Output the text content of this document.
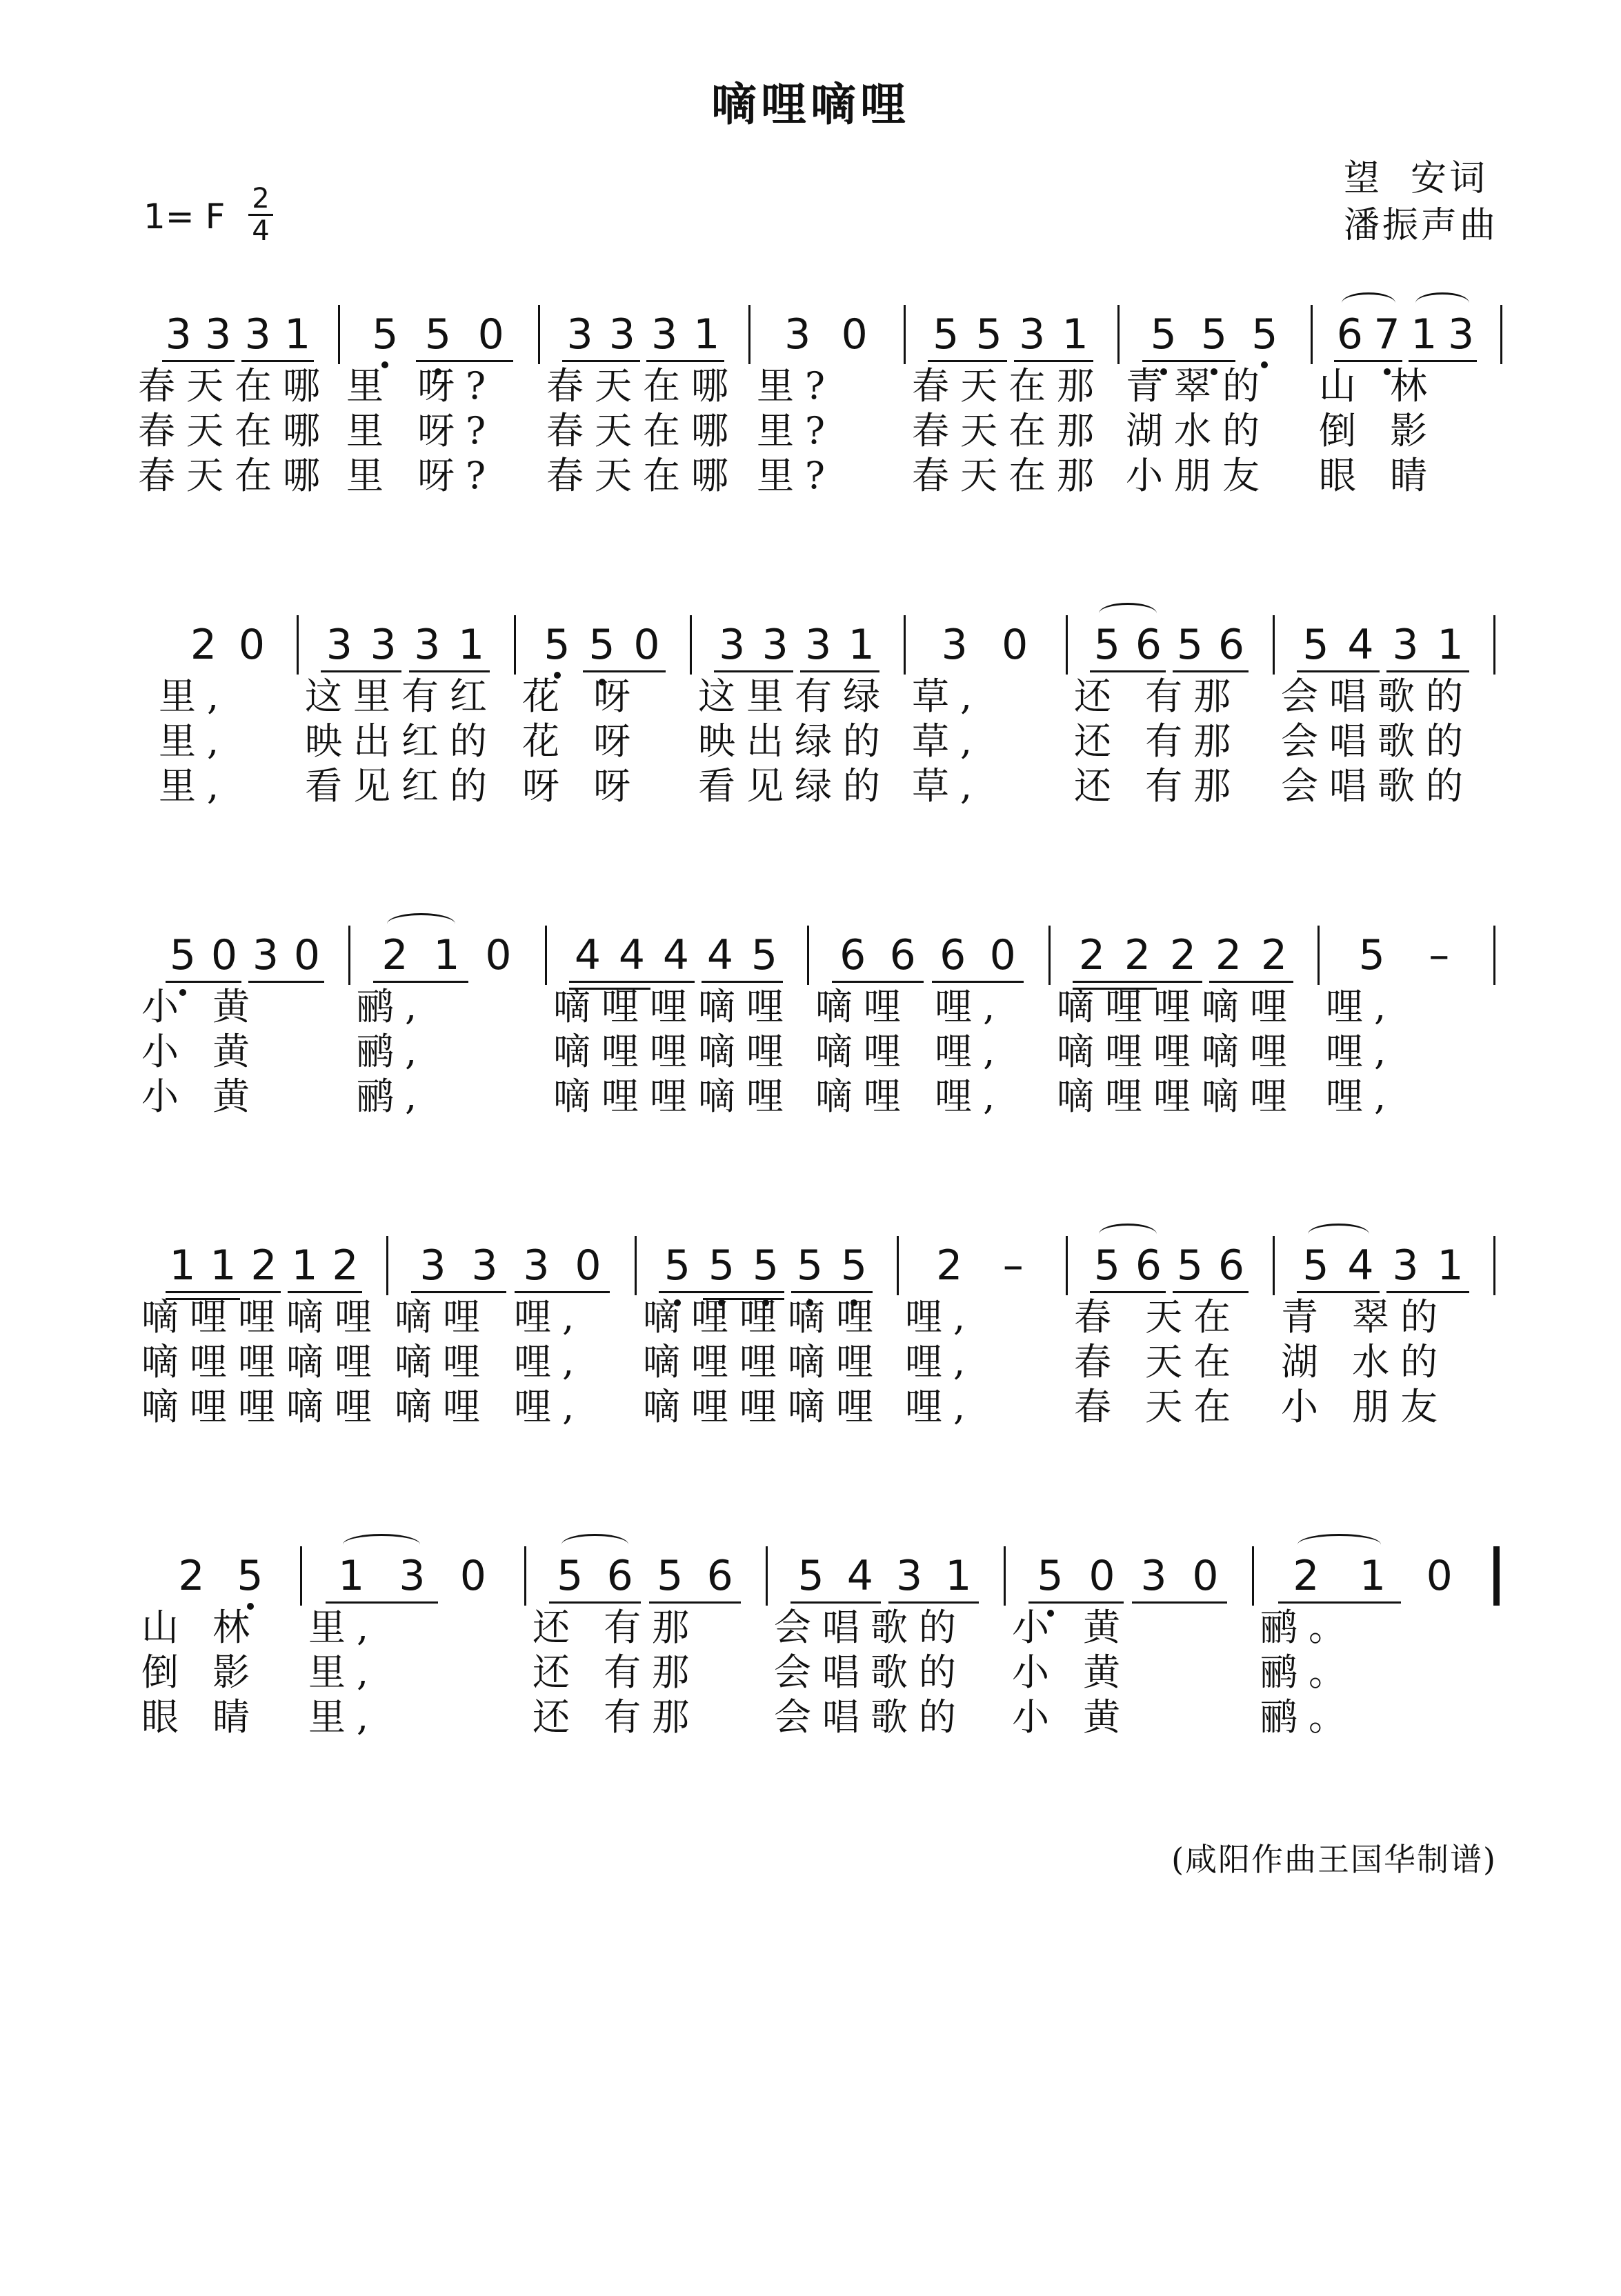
嘀哩嘀哩
1= F 2
4
望  安词
潘振声曲
3 3 3 1 5 5 0 3 3 3 1 3 0 5 5 3 1 5 5 5 6 7 1 3
春天在哪 里 呀? 春天在哪 里? 春天在那 青翠的 山 林
春天在哪 里 呀? 春天在哪 里? 春天在那 湖水的 倒 影
春天在哪 里 呀? 春天在哪 里? 春天在那 小朋友 眼 睛
2 0 3 3 3 1 5 5 0 3 3 3 1 3 0 5 6 5 6 5 4 3 1
里, 这里有红 花 呀 这里有绿 草, 还 有那 会唱歌的
里, 映出红的 花 呀 映出绿的 草, 还 有那 会唱歌的
里, 看见红的 呀 呀 看见绿的 草, 还 有那 会唱歌的
5 0 3 0 2 1 0 4 4 4 4 5 6 6 6 0 2 2 2 2 2 5 –
小 黄	鹂,	嘀哩哩嘀哩 嘀哩 哩, 嘀哩哩嘀哩 哩,
小 黄	鹂,	嘀哩哩嘀哩 嘀哩 哩, 嘀哩哩嘀哩 哩,
小 黄	鹂,	嘀哩哩嘀哩 嘀哩 哩, 嘀哩哩嘀哩 哩,
1 1 2 1 2 3 3 3 0 5 5 5 5 5 2 – 5 6 5 6 5 4 3 1
嘀哩哩嘀哩 嘀哩 哩, 嘀哩哩嘀哩 哩,	春 天在 青 翠的
嘀哩哩嘀哩 嘀哩 哩, 嘀哩哩嘀哩 哩,	春 天在 湖 水的
嘀哩哩嘀哩 嘀哩 哩, 嘀哩哩嘀哩 哩,	春 天在 小 朋友
2 5 1 3 0 5 6 5 6 5 4 3 1 5 0 3 0 2 1 0
山 林 里,	还 有那 会唱歌的 小 黄	鹂。
倒 影 里,	还 有那 会唱歌的 小 黄	鹂。
眼 睛 里,	还 有那 会唱歌的 小 黄	鹂。
(咸阳作曲王国华制谱)
